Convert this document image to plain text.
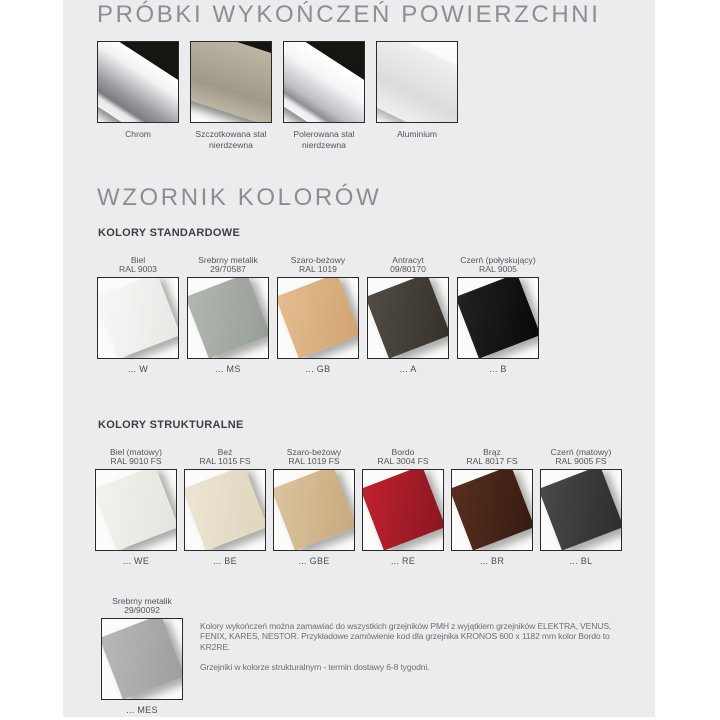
PRÓBKI WYKOŃCZEŃ POWIERZCHNI
Chrom	Szczotkowana stal nierdzewna
Polerowana stal nierdzewna
Aluminium
WZORNIK KOLORÓW
KOLORY STANDARDOWE
Biel
RAL 9003
... W
Srebrny metalik
29/70587
... MS
Szaro-beżowy
RAL 1019
... GB
Antracyt
09/80170
... A
Czerń (połyskujący)
RAL 9005
... B
KOLORY STRUKTURALNE
Biel (matowy)
RAL 9010 FS
... WE
Beż
RAL 1015 FS
... BE
Szaro-beżowy
RAL 1019 FS
... GBE
Bordo
RAL 3004 FS
... RE
Brąz
RAL 8017 FS
... BR
Czerń (matowy)
RAL 9005 FS
... BL
Srebrny metalik
29/90092
... MES

Kolory wykończeń można zamawiać do wszystkich grzejników PMH z wyjątkiem grzejników ELEKTRA, VENUS, FENIX, KARES, NESTOR. Przykładowe zamówienie kod dla grzejnika KRONOS 600 x 1182 mm kolor Bordo to KR2RE.

Grzejniki w kolorze strukturalnym - termin dostawy 6-8 tygodni.
